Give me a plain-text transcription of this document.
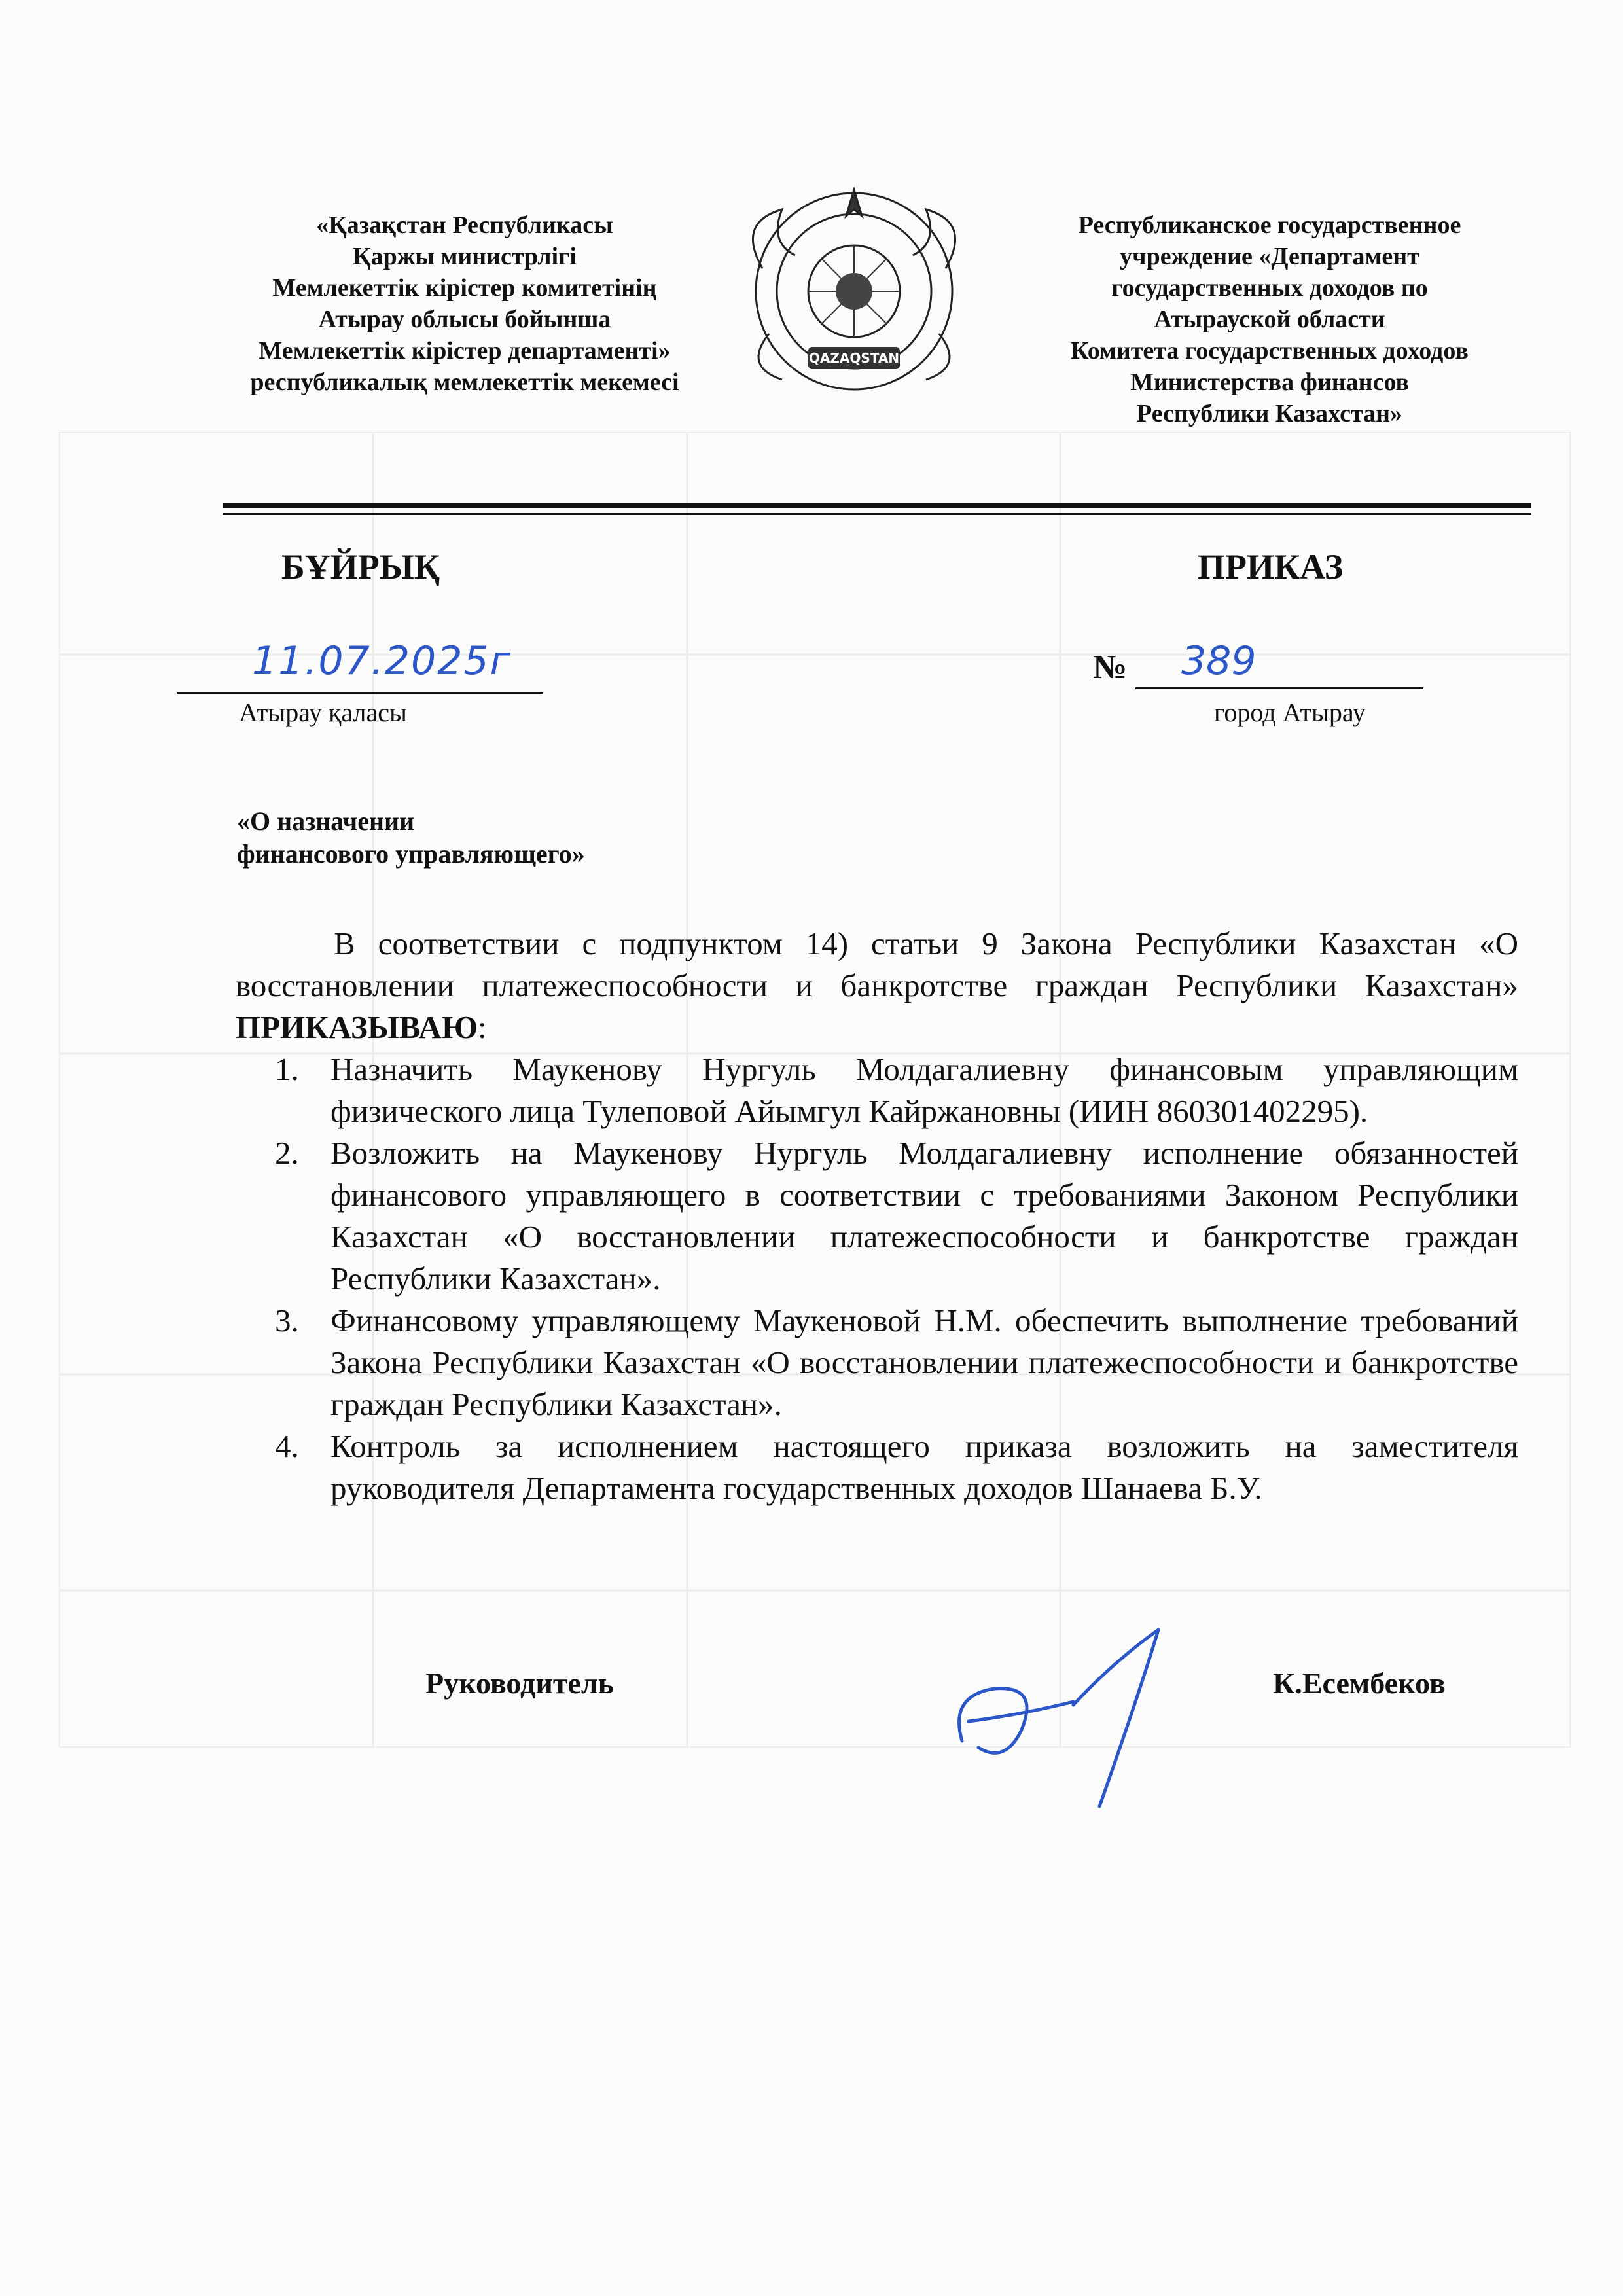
«Қазақстан Республикасы
Қаржы министрлігі
Мемлекеттік кірістер комитетінің
Атырау облысы бойынша
Мемлекеттік кірістер департаменті»
республикалық мемлекеттік мекемесі
QAZAQSTAN
Республиканское государственное
учреждение «Департамент
государственных доходов по
Атырауской области
Комитета государственных доходов
Министерства финансов
Республики Казахстан»
БҰЙРЫҚ	ПРИКАЗ
11.07.2025г
Атырау қаласы
№ 389
город Атырау
«О назначении
финансового управляющего»

В соответствии с подпунктом 14) статьи 9 Закона Республики Казахстан «О восстановлении платежеспособности и банкротстве граждан Республики Казахстан» ПРИКАЗЫВАЮ:

1. Назначить Маукенову Нургуль Молдагалиевну финансовым управляющим физического лица Тулеповой Айымгул Кайржановны (ИИН 860301402295).
2. Возложить на Маукенову Нургуль Молдагалиевну исполнение обязанностей финансового управляющего в соответствии с требованиями Законом Республики Казахстан «О восстановлении платежеспособности и банкротстве граждан Республики Казахстан».
3. Финансовому управляющему Маукеновой Н.М. обеспечить выполнение требований Закона Республики Казахстан «О восстановлении платежеспособности и банкротстве граждан Республики Казахстан».
4. Контроль за исполнением настоящего приказа возложить на заместителя руководителя Департамента государственных доходов Шанаева Б.У.
Руководитель	К.Есембеков
